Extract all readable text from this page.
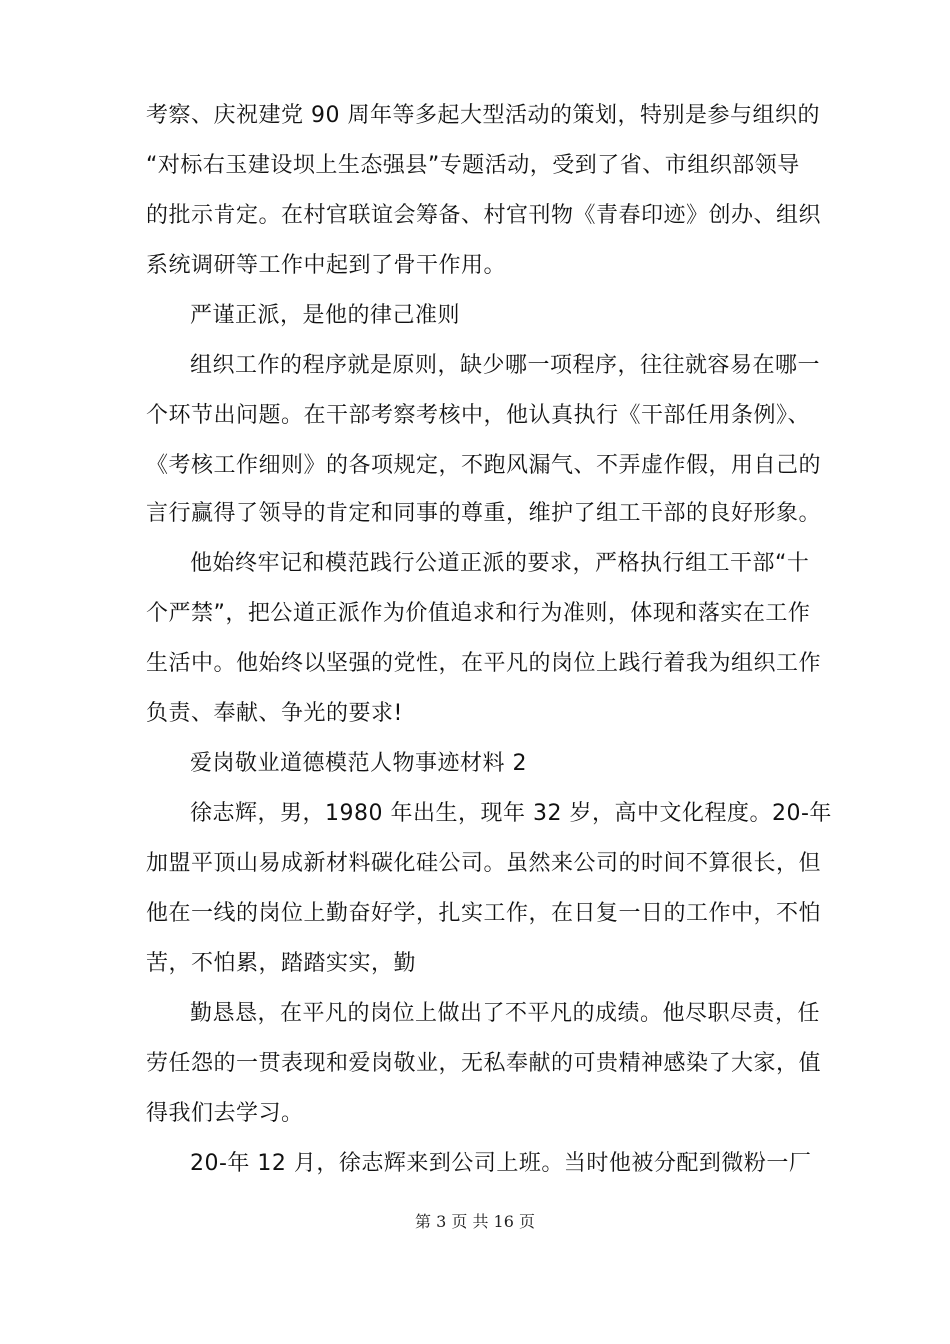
考察、庆祝建党 90 周年等多起大型活动的策划，特别是参与组织的
“对标右玉建设坝上生态强县”专题活动，受到了省、市组织部领导
的批示肯定。在村官联谊会筹备、村官刊物《青春印迹》创办、组织
系统调研等工作中起到了骨干作用。
严谨正派，是他的律己准则
组织工作的程序就是原则，缺少哪一项程序，往往就容易在哪一
个环节出问题。在干部考察考核中，他认真执行《干部任用条例》、
《考核工作细则》的各项规定，不跑风漏气、不弄虚作假，用自己的
言行赢得了领导的肯定和同事的尊重，维护了组工干部的良好形象。
他始终牢记和模范践行公道正派的要求，严格执行组工干部“十
个严禁”，把公道正派作为价值追求和行为准则，体现和落实在工作
生活中。他始终以坚强的党性，在平凡的岗位上践行着我为组织工作
负责、奉献、争光的要求!
爱岗敬业道德模范人物事迹材料 2
徐志辉，男，1980 年出生，现年 32 岁，高中文化程度。20-年
加盟平顶山易成新材料碳化硅公司。虽然来公司的时间不算很长，但
他在一线的岗位上勤奋好学，扎实工作，在日复一日的工作中，不怕
苦，不怕累，踏踏实实，勤
勤恳恳，在平凡的岗位上做出了不平凡的成绩。他尽职尽责，任
劳任怨的一贯表现和爱岗敬业，无私奉献的可贵精神感染了大家，值
得我们去学习。
20-年 12 月，徐志辉来到公司上班。当时他被分配到微粉一厂
第 3 页 共 16 页
